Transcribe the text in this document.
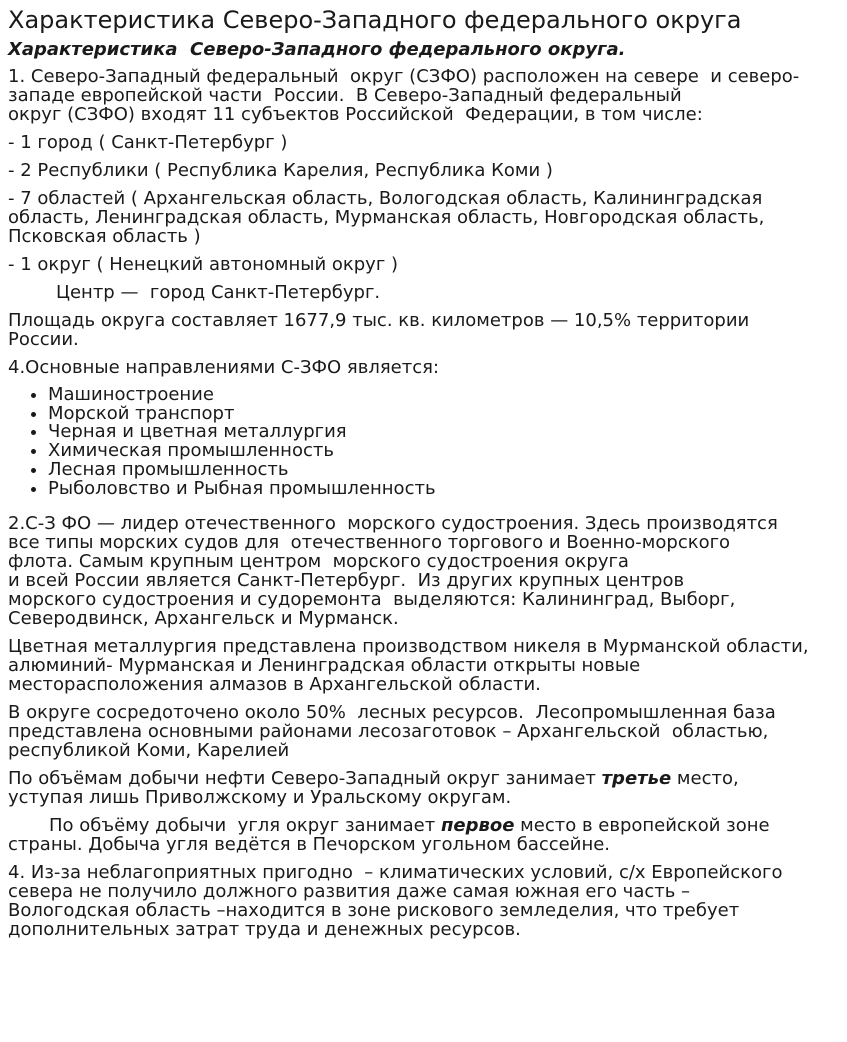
Характеристика Северо-Западного федерального округа
Характеристика  Северо-Западного федерального округа.

1. Северо-Западный федеральный  округ (СЗФО) расположен на севере  и северо-
западе европейской части  России.  В Северо-Западный федеральный
округ (СЗФО) входят 11 субъектов Российской  Федерации, в том числе:

- 1 город ( Санкт-Петербург )

- 2 Республики ( Республика Карелия, Республика Коми )

- 7 областей ( Архангельская область, Вологодская область, Калининградская
область, Ленинградская область, Мурманская область, Новгородская область,
Псковская область )

- 1 округ ( Ненецкий автономный округ )

Центр —  город Санкт-Петербург.

Площадь округа составляет 1677,9 тыс. кв. километров — 10,5% территории
России.

4.Основные направлениями С-ЗФО является:

• Машиностроение
• Морской транспорт
• Черная и цветная металлургия
• Химическая промышленность
• Лесная промышленность
• Рыболовство и Рыбная промышленность

2.С-З ФО — лидер отечественного  морского судостроения. Здесь производятся
все типы морских судов для  отечественного торгового и Военно-морского
флота. Самым крупным центром  морского судостроения округа
и всей России является Санкт-Петербург.  Из других крупных центров
морского судостроения и судоремонта  выделяются: Калининград, Выборг,
Северодвинск, Архангельск и Мурманск.

Цветная металлургия представлена производством никеля в Мурманской области,
алюминий- Мурманская и Ленинградская области открыты новые
месторасположения алмазов в Архангельской области.

В округе сосредоточено около 50%  лесных ресурсов.  Лесопромышленная база
представлена основными районами лесозаготовок – Архангельской  областью,
республикой Коми, Карелией

По объёмам добычи нефти Северо-Западный округ занимает третье место,
уступая лишь Приволжскому и Уральскому округам.

По объёму добычи  угля округ занимает первое место в европейской зоне
страны. Добыча угля ведётся в Печорском угольном бассейне.

4. Из-за неблагоприятных пригодно  – климатических условий, с/х Европейского
севера не получило должного развития даже самая южная его часть –
Вологодская область –находится в зоне рискового земледелия, что требует
дополнительных затрат труда и денежных ресурсов.
